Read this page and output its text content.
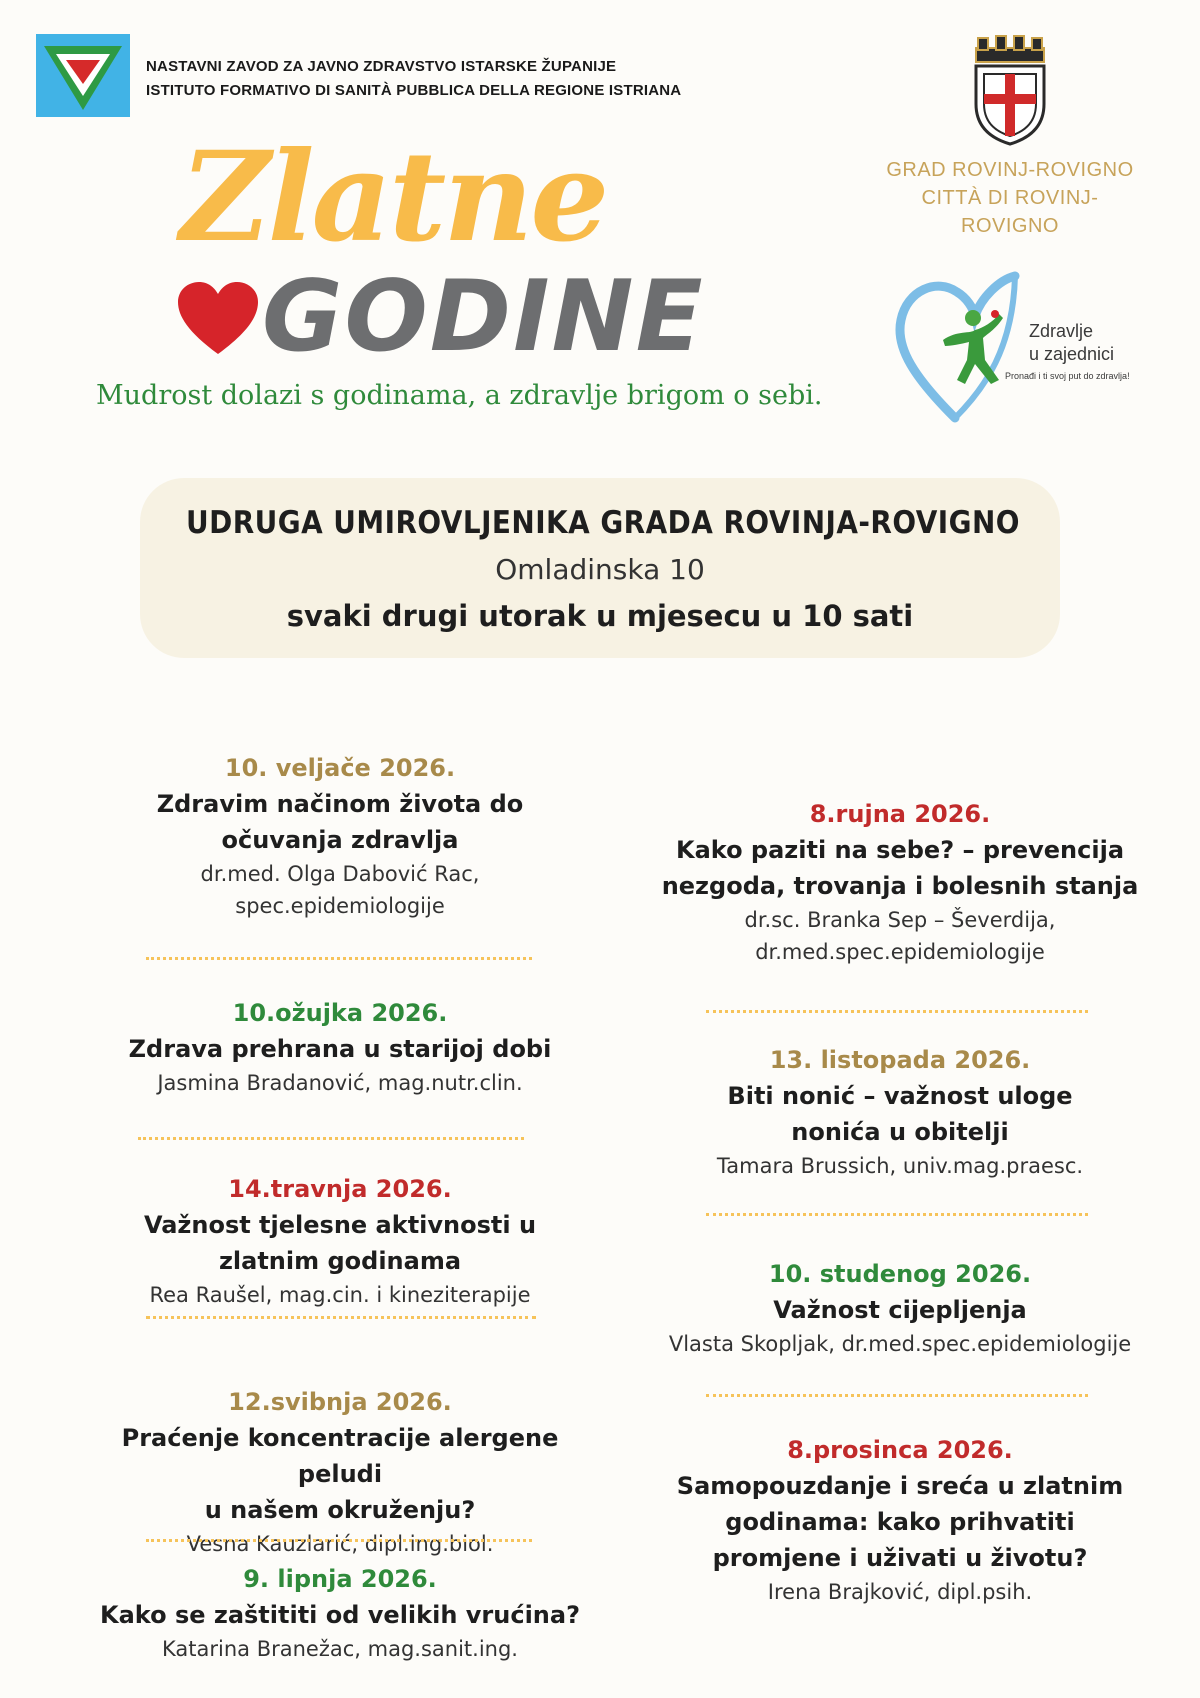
NASTAVNI ZAVOD ZA JAVNO ZDRAVSTVO ISTARSKE ŽUPANIJE
ISTITUTO FORMATIVO DI SANITÀ PUBBLICA DELLA REGIONE ISTRIANA
GRAD ROVINJ-ROVIGNO
CITTÀ DI ROVINJ-ROVIGNO
Zlatne
GODINE
Mudrost dolazi s godinama, a zdravlje brigom o sebi.
Zdravlje
u zajednici
Pronađi i ti svoj put do zdravlja!
UDRUGA UMIROVLJENIKA GRADA ROVINJA-ROVIGNO
Omladinska 10
svaki drugi utorak u mjesecu u 10 sati
10. veljače 2026.
Zdravim načinom života do
očuvanja zdravlja
dr.med. Olga Dabović Rac,
spec.epidemiologije
10.ožujka 2026.
Zdrava prehrana u starijoj dobi
Jasmina Bradanović, mag.nutr.clin.
14.travnja 2026.
Važnost tjelesne aktivnosti u
zlatnim godinama
Rea Raušel, mag.cin. i kineziterapije
12.svibnja 2026.
Praćenje koncentracije alergene peludi
u našem okruženju?
Vesna Kauzlarić, dipl.ing.biol.
9. lipnja 2026.
Kako se zaštititi od velikih vrućina?
Katarina Branežac, mag.sanit.ing.
8.rujna 2026.
Kako paziti na sebe? – prevencija
nezgoda, trovanja i bolesnih stanja
dr.sc. Branka Sep – Ševerdija,
dr.med.spec.epidemiologije
13. listopada 2026.
Biti nonić – važnost uloge
nonića u obitelji
Tamara Brussich, univ.mag.praesc.
10. studenog 2026.
Važnost cijepljenja
Vlasta Skopljak, dr.med.spec.epidemiologije
8.prosinca 2026.
Samopouzdanje i sreća u zlatnim
godinama: kako prihvatiti
promjene i uživati u životu?
Irena Brajković, dipl.psih.
